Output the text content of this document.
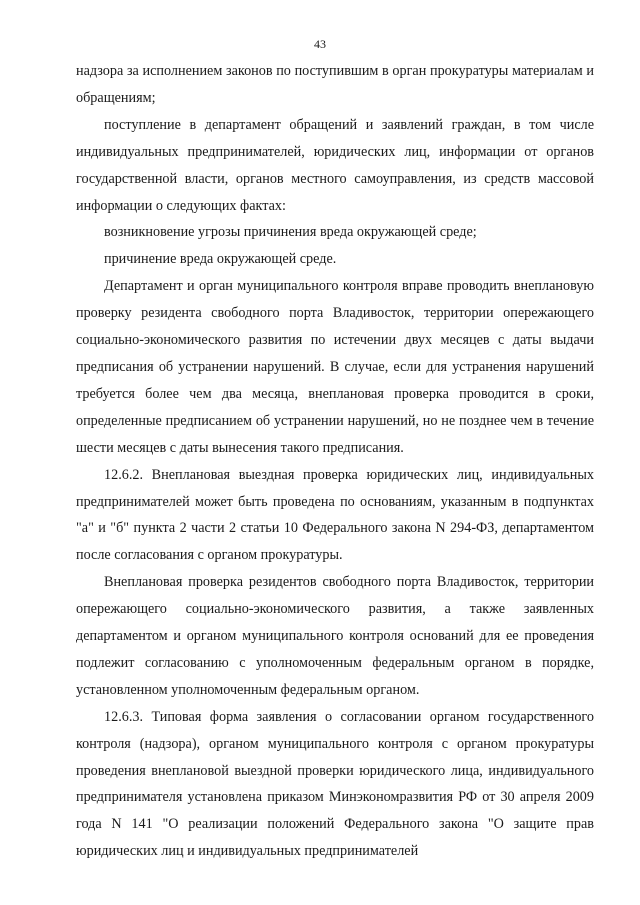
43

надзора за исполнением законов по поступившим в орган прокуратуры материалам и обращениям;

поступление в департамент обращений и заявлений граждан, в том числе индивидуальных предпринимателей, юридических лиц, информации от органов государственной власти, органов местного самоуправления, из средств массовой информации о следующих фактах:

возникновение угрозы причинения вреда окружающей среде;

причинение вреда окружающей среде.

Департамент и орган муниципального контроля вправе проводить внеплановую проверку резидента свободного порта Владивосток, территории опережающего социально-экономического развития по истечении двух месяцев с даты выдачи предписания об устранении нарушений. В случае, если для устранения нарушений требуется более чем два месяца, внеплановая проверка проводится в сроки, определенные предписанием об устранении нарушений, но не позднее чем в течение шести месяцев с даты вынесения такого предписания.

12.6.2. Внеплановая выездная проверка юридических лиц, индивидуальных предпринимателей может быть проведена по основаниям, указанным в подпунктах "а" и "б" пункта 2 части 2 статьи 10 Федерального закона N 294-ФЗ, департаментом после согласования с органом прокуратуры.

Внеплановая проверка резидентов свободного порта Владивосток, территории опережающего социально-экономического развития, а также заявленных департаментом и органом муниципального контроля оснований для ее проведения подлежит согласованию с уполномоченным федеральным органом в порядке, установленном уполномоченным федеральным органом.

12.6.3. Типовая форма заявления о согласовании органом государственного контроля (надзора), органом муниципального контроля с органом прокуратуры проведения внеплановой выездной проверки юридического лица, индивидуального предпринимателя установлена приказом Минэкономразвития РФ от 30 апреля 2009 года N 141 "О реализации положений Федерального закона "О защите прав юридических лиц и индивидуальных предпринимателей
